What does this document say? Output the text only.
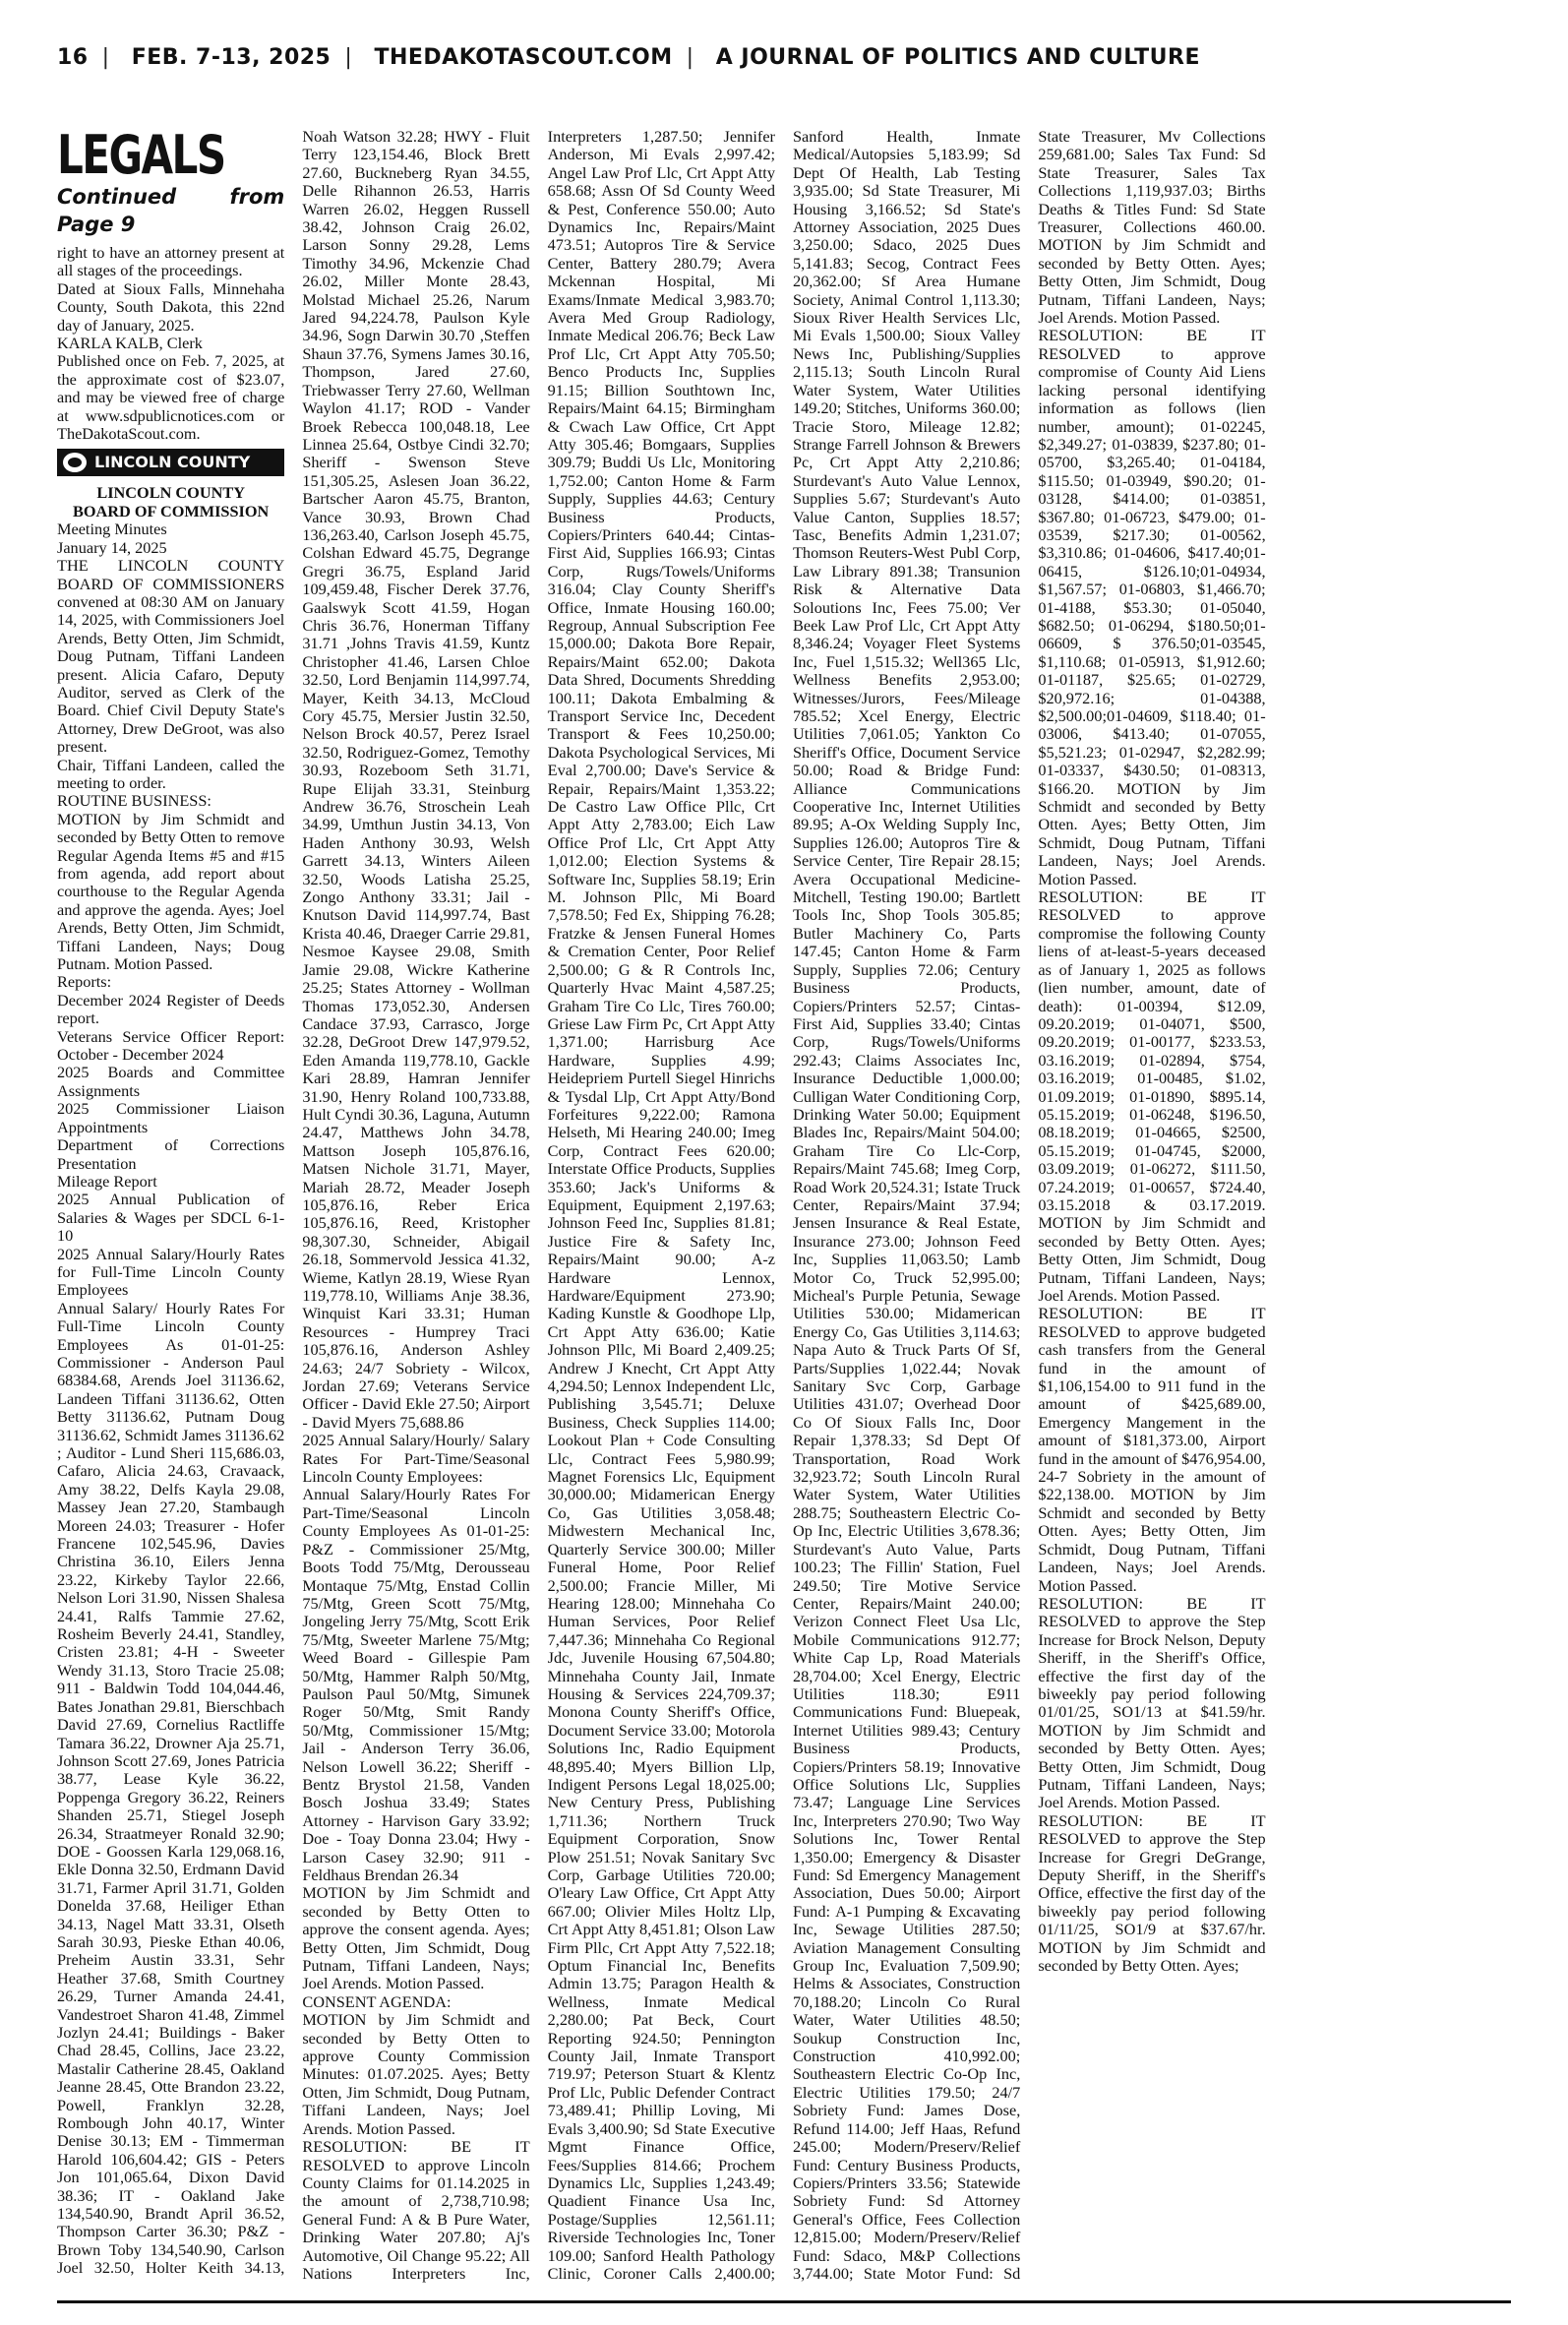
16 | FEB. 7-13, 2025 | THEDAKOTASCOUT.COM | A JOURNAL OF POLITICS AND CULTURE
LEGALS
Continued from Page 9

right to have an attorney present at all stages of the proceedings.

Dated at Sioux Falls, Minnehaha County, South Dakota, this 22nd day of January, 2025.

KARLA KALB, Clerk

Published once on Feb. 7, 2025, at the approximate cost of $23.07, and may be viewed free of charge at www.sdpublicnotices.com or TheDakotaScout.com.

LINCOLN COUNTY

LINCOLN COUNTY

BOARD OF COMMISSION

Meeting Minutes

January 14, 2025

THE LINCOLN COUNTY BOARD OF COMMISSIONERS convened at 08:30 AM on January 14, 2025, with Commissioners Joel Arends, Betty Otten, Jim Schmidt, Doug Putnam, Tiffani Landeen present. Alicia Cafaro, Deputy Auditor, served as Clerk of the Board. Chief Civil Deputy State's Attorney, Drew DeGroot, was also present.

Chair, Tiffani Landeen, called the meeting to order.

ROUTINE BUSINESS:

MOTION by Jim Schmidt and seconded by Betty Otten to remove Regular Agenda Items #5 and #15 from agenda, add report about courthouse to the Regular Agenda and approve the agenda. Ayes; Joel Arends, Betty Otten, Jim Schmidt, Tiffani Landeen, Nays; Doug Putnam. Motion Passed.

Reports:

December 2024 Register of Deeds report.

Veterans Service Officer Report: October - December 2024

2025 Boards and Committee Assignments

2025 Commissioner Liaison Appointments

Department of Corrections Presentation

Mileage Report

2025 Annual Publication of Salaries & Wages per SDCL 6-1-10

2025 Annual Salary/Hourly Rates for Full-Time Lincoln County Employees

Annual Salary/ Hourly Rates For Full-Time Lincoln County Employees As 01-01-25: Commissioner - Anderson Paul 68384.68, Arends Joel 31136.62, Landeen Tiffani 31136.62, Otten Betty 31136.62, Putnam Doug 31136.62, Schmidt James 31136.62 ; Auditor - Lund Sheri 115,686.03, Cafaro, Alicia 24.63, Cravaack, Amy 38.22, Delfs Kayla 29.08, Massey Jean 27.20, Stambaugh Moreen 24.03; Treasurer - Hofer Francene 102,545.96, Davies Christina 36.10, Eilers Jenna 23.22, Kirkeby Taylor 22.66, Nelson Lori 31.90, Nissen Shalesa 24.41, Ralfs Tammie 27.62, Rosheim Beverly 24.41, Standley, Cristen 23.81; 4-H - Sweeter Wendy 31.13, Storo Tracie 25.08; 911 - Baldwin Todd 104,044.46, Bates Jonathan 29.81, Bierschbach David 27.69, Cornelius Ractliffe Tamara 36.22, Drowner Aja 25.71, Johnson Scott 27.69, Jones Patricia 38.77, Lease Kyle 36.22, Poppenga Gregory 36.22, Reiners Shanden 25.71, Stiegel Joseph 26.34, Straatmeyer Ronald 32.90; DOE - Goossen Karla 129,068.16, Ekle Donna 32.50, Erdmann David 31.71, Farmer April 31.71, Golden Donelda 37.68, Heiliger Ethan 34.13, Nagel Matt 33.31, Olseth Sarah 30.93, Pieske Ethan 40.06, Preheim Austin 33.31, Sehr Heather 37.68, Smith Courtney 26.29, Turner Amanda 24.41, Vandestroet Sharon 41.48, Zimmel Jozlyn 24.41; Buildings - Baker Chad 28.45, Collins, Jace 23.22, Mastalir Catherine 28.45, Oakland Jeanne 28.45, Otte Brandon 23.22, Powell, Franklyn 32.28, Rombough John 40.17, Winter Denise 30.13; EM - Timmerman Harold 106,604.42; GIS - Peters Jon 101,065.64, Dixon David 38.36; IT - Oakland Jake 134,540.90, Brandt April 36.52, Thompson Carter 36.30; P&Z - Brown Toby 134,540.90, Carlson Joel 32.50, Holter Keith 34.13, Noah Watson 32.28; HWY - Fluit Terry 123,154.46, Block Brett 27.60, Buckneberg Ryan 34.55, Delle Rihannon 26.53, Harris Warren 26.02, Heggen Russell 38.42, Johnson Craig 26.02, Larson Sonny 29.28, Lems Timothy 34.96, Mckenzie Chad 26.02, Miller Monte 28.43, Molstad Michael 25.26, Narum Jared 94,224.78, Paulson Kyle 34.96, Sogn Darwin 30.70 ,Steffen Shaun 37.76, Symens James 30.16, Thompson, Jared 27.60, Triebwasser Terry 27.60, Wellman Waylon 41.17; ROD - Vander Broek Rebecca 100,048.18, Lee Linnea 25.64, Ostbye Cindi 32.70; Sheriff - Swenson Steve 151,305.25, Aslesen Joan 36.22, Bartscher Aaron 45.75, Branton, Vance 30.93, Brown Chad 136,263.40, Carlson Joseph 45.75, Colshan Edward 45.75, Degrange Gregri 36.75, Espland Jarid 109,459.48, Fischer Derek 37.76, Gaalswyk Scott 41.59, Hogan Chris 36.76, Honerman Tiffany 31.71 ,Johns Travis 41.59, Kuntz Christopher 41.46, Larsen Chloe 32.50, Lord Benjamin 114,997.74, Mayer, Keith 34.13, McCloud Cory 45.75, Mersier Justin 32.50, Nelson Brock 40.57, Perez Israel 32.50, Rodriguez-Gomez, Temothy 30.93, Rozeboom Seth 31.71, Rupe Elijah 33.31, Steinburg Andrew 36.76, Stroschein Leah 34.99, Umthun Justin 34.13, Von Haden Anthony 30.93, Welsh Garrett 34.13, Winters Aileen 32.50, Woods Latisha 25.25, Zongo Anthony 33.31; Jail - Knutson David 114,997.74, Bast Krista 40.46, Draeger Carrie 29.81, Nesmoe Kaysee 29.08, Smith Jamie 29.08, Wickre Katherine 25.25; States Attorney - Wollman Thomas 173,052.30, Andersen Candace 37.93, Carrasco, Jorge 32.28, DeGroot Drew 147,979.52, Eden Amanda 119,778.10, Gackle Kari 28.89, Hamran Jennifer 31.90, Henry Roland 100,733.88, Hult Cyndi 30.36, Laguna, Autumn 24.47, Matthews John 34.78, Mattson Joseph 105,876.16, Matsen Nichole 31.71, Mayer, Mariah 28.72, Meader Joseph 105,876.16, Reber Erica 105,876.16, Reed, Kristopher 98,307.30, Schneider, Abigail 26.18, Sommervold Jessica 41.32, Wieme, Katlyn 28.19, Wiese Ryan 119,778.10, Williams Anje 38.36, Winquist Kari 33.31; Human Resources - Humprey Traci 105,876.16, Anderson Ashley 24.63; 24/7 Sobriety - Wilcox, Jordan 27.69; Veterans Service Officer - David Ekle 27.50; Airport - David Myers 75,688.86

2025 Annual Salary/Hourly/ Salary Rates For Part-Time/Seasonal Lincoln County Employees:

Annual Salary/Hourly Rates For Part-Time/Seasonal Lincoln County Employees As 01-01-25: P&Z - Commissioner 25/Mtg, Boots Todd 75/Mtg, Derousseau Montaque 75/Mtg, Enstad Collin 75/Mtg, Green Scott 75/Mtg, Jongeling Jerry 75/Mtg, Scott Erik 75/Mtg, Sweeter Marlene 75/Mtg; Weed Board - Gillespie Pam 50/Mtg, Hammer Ralph 50/Mtg, Paulson Paul 50/Mtg, Simunek Roger 50/Mtg, Smit Randy 50/Mtg, Commissioner 15/Mtg; Jail - Anderson Terry 36.06, Nelson Lowell 36.22; Sheriff - Bentz Brystol 21.58, Vanden Bosch Joshua 33.49; States Attorney - Harvison Gary 33.92; Doe - Toay Donna 23.04; Hwy - Larson Casey 32.90; 911 - Feldhaus Brendan 26.34

MOTION by Jim Schmidt and seconded by Betty Otten to approve the consent agenda. Ayes; Betty Otten, Jim Schmidt, Doug Putnam, Tiffani Landeen, Nays; Joel Arends. Motion Passed.

CONSENT AGENDA:

MOTION by Jim Schmidt and seconded by Betty Otten to approve County Commission Minutes: 01.07.2025. Ayes; Betty Otten, Jim Schmidt, Doug Putnam, Tiffani Landeen, Nays; Joel Arends. Motion Passed.

RESOLUTION: BE IT RESOLVED to approve Lincoln County Claims for 01.14.2025 in the amount of 2,738,710.98; General Fund: A & B Pure Water, Drinking Water 207.80; Aj's Automotive, Oil Change 95.22; All Nations Interpreters Inc, Interpreters 1,287.50; Jennifer Anderson, Mi Evals 2,997.42; Angel Law Prof Llc, Crt Appt Atty 658.68; Assn Of Sd County Weed & Pest, Conference 550.00; Auto Dynamics Inc, Repairs/Maint 473.51; Autopros Tire & Service Center, Battery 280.79; Avera Mckennan Hospital, Mi Exams/Inmate Medical 3,983.70; Avera Med Group Radiology, Inmate Medical 206.76; Beck Law Prof Llc, Crt Appt Atty 705.50; Benco Products Inc, Supplies 91.15; Billion Southtown Inc, Repairs/Maint 64.15; Birmingham & Cwach Law Office, Crt Appt Atty 305.46; Bomgaars, Supplies 309.79; Buddi Us Llc, Monitoring 1,752.00; Canton Home & Farm Supply, Supplies 44.63; Century Business Products, Copiers/Printers 640.44; Cintas-First Aid, Supplies 166.93; Cintas Corp, Rugs/Towels/Uniforms 316.04; Clay County Sheriff's Office, Inmate Housing 160.00; Regroup, Annual Subscription Fee 15,000.00; Dakota Bore Repair, Repairs/Maint 652.00; Dakota Data Shred, Documents Shredding 100.11; Dakota Embalming & Transport Service Inc, Decedent Transport & Fees 10,250.00; Dakota Psychological Services, Mi Eval 2,700.00; Dave's Service & Repair, Repairs/Maint 1,353.22; De Castro Law Office Pllc, Crt Appt Atty 2,783.00; Eich Law Office Prof Llc, Crt Appt Atty 1,012.00; Election Systems & Software Inc, Supplies 58.19; Erin M. Johnson Pllc, Mi Board 7,578.50; Fed Ex, Shipping 76.28; Fratzke & Jensen Funeral Homes & Cremation Center, Poor Relief 2,500.00; G & R Controls Inc, Quarterly Hvac Maint 4,587.25; Graham Tire Co Llc, Tires 760.00; Griese Law Firm Pc, Crt Appt Atty 1,371.00; Harrisburg Ace Hardware, Supplies 4.99; Heidepriem Purtell Siegel Hinrichs & Tysdal Llp, Crt Appt Atty/Bond Forfeitures 9,222.00; Ramona Helseth, Mi Hearing 240.00; Imeg Corp, Contract Fees 620.00; Interstate Office Products, Supplies 353.60; Jack's Uniforms & Equipment, Equipment 2,197.63; Johnson Feed Inc, Supplies 81.81; Justice Fire & Safety Inc, Repairs/Maint 90.00; A-z Hardware Lennox, Hardware/Equipment 273.90; Kading Kunstle & Goodhope Llp, Crt Appt Atty 636.00; Katie Johnson Pllc, Mi Board 2,409.25; Andrew J Knecht, Crt Appt Atty 4,294.50; Lennox Independent Llc, Publishing 3,545.71; Deluxe Business, Check Supplies 114.00; Lookout Plan + Code Consulting Llc, Contract Fees 5,980.99; Magnet Forensics Llc, Equipment 30,000.00; Midamerican Energy Co, Gas Utilities 3,058.48; Midwestern Mechanical Inc, Quarterly Service 300.00; Miller Funeral Home, Poor Relief 2,500.00; Francie Miller, Mi Hearing 128.00; Minnehaha Co Human Services, Poor Relief 7,447.36; Minnehaha Co Regional Jdc, Juvenile Housing 67,504.80; Minnehaha County Jail, Inmate Housing & Services 224,709.37; Monona County Sheriff's Office, Document Service 33.00; Motorola Solutions Inc, Radio Equipment 48,895.40; Myers Billion Llp, Indigent Persons Legal 18,025.00; New Century Press, Publishing 1,711.36; Northern Truck Equipment Corporation, Snow Plow 251.51; Novak Sanitary Svc Corp, Garbage Utilities 720.00; O'leary Law Office, Crt Appt Atty 667.00; Olivier Miles Holtz Llp, Crt Appt Atty 8,451.81; Olson Law Firm Pllc, Crt Appt Atty 7,522.18; Optum Financial Inc, Benefits Admin 13.75; Paragon Health & Wellness, Inmate Medical 2,280.00; Pat Beck, Court Reporting 924.50; Pennington County Jail, Inmate Transport 719.97; Peterson Stuart & Klentz Prof Llc, Public Defender Contract 73,489.41; Phillip Loving, Mi Evals 3,400.90; Sd State Executive Mgmt Finance Office, Fees/Supplies 814.66; Prochem Dynamics Llc, Supplies 1,243.49; Quadient Finance Usa Inc, Postage/Supplies 12,561.11; Riverside Technologies Inc, Toner 109.00; Sanford Health Pathology Clinic, Coroner Calls 2,400.00; Sanford Health, Inmate Medical/Autopsies 5,183.99; Sd Dept Of Health, Lab Testing 3,935.00; Sd State Treasurer, Mi Housing 3,166.52; Sd State's Attorney Association, 2025 Dues 3,250.00; Sdaco, 2025 Dues 5,141.83; Secog, Contract Fees 20,362.00; Sf Area Humane Society, Animal Control 1,113.30; Sioux River Health Services Llc, Mi Evals 1,500.00; Sioux Valley News Inc, Publishing/Supplies 2,115.13; South Lincoln Rural Water System, Water Utilities 149.20; Stitches, Uniforms 360.00; Tracie Storo, Mileage 12.82; Strange Farrell Johnson & Brewers Pc, Crt Appt Atty 2,210.86; Sturdevant's Auto Value Lennox, Supplies 5.67; Sturdevant's Auto Value Canton, Supplies 18.57; Tasc, Benefits Admin 1,231.07; Thomson Reuters-West Publ Corp, Law Library 891.38; Transunion Risk & Alternative Data Soloutions Inc, Fees 75.00; Ver Beek Law Prof Llc, Crt Appt Atty 8,346.24; Voyager Fleet Systems Inc, Fuel 1,515.32; Well365 Llc, Wellness Benefits 2,953.00; Witnesses/Jurors, Fees/Mileage 785.52; Xcel Energy, Electric Utilities 7,061.05; Yankton Co Sheriff's Office, Document Service 50.00; Road & Bridge Fund: Alliance Communications Cooperative Inc, Internet Utilities 89.95; A-Ox Welding Supply Inc, Supplies 126.00; Autopros Tire & Service Center, Tire Repair 28.15; Avera Occupational Medicine-Mitchell, Testing 190.00; Bartlett Tools Inc, Shop Tools 305.85; Butler Machinery Co, Parts 147.45; Canton Home & Farm Supply, Supplies 72.06; Century Business Products, Copiers/Printers 52.57; Cintas-First Aid, Supplies 33.40; Cintas Corp, Rugs/Towels/Uniforms 292.43; Claims Associates Inc, Insurance Deductible 1,000.00; Culligan Water Conditioning Corp, Drinking Water 50.00; Equipment Blades Inc, Repairs/Maint 504.00; Graham Tire Co Llc-Corp, Repairs/Maint 745.68; Imeg Corp, Road Work 20,524.31; Istate Truck Center, Repairs/Maint 37.94; Jensen Insurance & Real Estate, Insurance 273.00; Johnson Feed Inc, Supplies 11,063.50; Lamb Motor Co, Truck 52,995.00; Micheal's Purple Petunia, Sewage Utilities 530.00; Midamerican Energy Co, Gas Utilities 3,114.63; Napa Auto & Truck Parts Of Sf, Parts/Supplies 1,022.44; Novak Sanitary Svc Corp, Garbage Utilities 431.07; Overhead Door Co Of Sioux Falls Inc, Door Repair 1,378.33; Sd Dept Of Transportation, Road Work 32,923.72; South Lincoln Rural Water System, Water Utilities 288.75; Southeastern Electric Co-Op Inc, Electric Utilities 3,678.36; Sturdevant's Auto Value, Parts 100.23; The Fillin' Station, Fuel 249.50; Tire Motive Service Center, Repairs/Maint 240.00; Verizon Connect Fleet Usa Llc, Mobile Communications 912.77; White Cap Lp, Road Materials 28,704.00; Xcel Energy, Electric Utilities 118.30; E911 Communications Fund: Bluepeak, Internet Utilities 989.43; Century Business Products, Copiers/Printers 58.19; Innovative Office Solutions Llc, Supplies 73.47; Language Line Services Inc, Interpreters 270.90; Two Way Solutions Inc, Tower Rental 1,350.00; Emergency & Disaster Fund: Sd Emergency Management Association, Dues 50.00; Airport Fund: A-1 Pumping & Excavating Inc, Sewage Utilities 287.50; Aviation Management Consulting Group Inc, Evaluation 7,509.90; Helms & Associates, Construction 70,188.20; Lincoln Co Rural Water, Water Utilities 48.50; Soukup Construction Inc, Construction 410,992.00; Southeastern Electric Co-Op Inc, Electric Utilities 179.50; 24/7 Sobriety Fund: James Dose, Refund 114.00; Jeff Haas, Refund 245.00; Modern/Preserv/Relief Fund: Century Business Products, Copiers/Printers 33.56; Statewide Sobriety Fund: Sd Attorney General's Office, Fees Collection 12,815.00; Modern/Preserv/Relief Fund: Sdaco, M&P Collections 3,744.00; State Motor Fund: Sd State Treasurer, Mv Collections 259,681.00; Sales Tax Fund: Sd State Treasurer, Sales Tax Collections 1,119,937.03; Births Deaths & Titles Fund: Sd State Treasurer, Collections 460.00. MOTION by Jim Schmidt and seconded by Betty Otten. Ayes; Betty Otten, Jim Schmidt, Doug Putnam, Tiffani Landeen, Nays; Joel Arends. Motion Passed.

RESOLUTION: BE IT RESOLVED to approve compromise of County Aid Liens lacking personal identifying information as follows (lien number, amount); 01-02245, $2,349.27; 01-03839, $237.80; 01-05700, $3,265.40; 01-04184, $115.50; 01-03949, $90.20; 01-03128, $414.00; 01-03851, $367.80; 01-06723, $479.00; 01-03539, $217.30; 01-00562, $3,310.86; 01-04606, $417.40;01-06415, $126.10;01-04934, $1,567.57; 01-06803, $1,466.70; 01-4188, $53.30; 01-05040, $682.50; 01-06294, $180.50;01-06609, $ 376.50;01-03545, $1,110.68; 01-05913, $1,912.60; 01-01187, $25.65; 01-02729, $20,972.16; 01-04388, $2,500.00;01-04609, $118.40; 01-03006, $413.40; 01-07055, $5,521.23; 01-02947, $2,282.99; 01-03337, $430.50; 01-08313, $166.20. MOTION by Jim Schmidt and seconded by Betty Otten. Ayes; Betty Otten, Jim Schmidt, Doug Putnam, Tiffani Landeen, Nays; Joel Arends. Motion Passed.

RESOLUTION: BE IT RESOLVED to approve compromise the following County liens of at-least-5-years deceased as of January 1, 2025 as follows (lien number, amount, date of death): 01-00394, $12.09, 09.20.2019; 01-04071, $500, 09.20.2019; 01-00177, $233.53, 03.16.2019; 01-02894, $754, 03.16.2019; 01-00485, $1.02, 01.09.2019; 01-01890, $895.14, 05.15.2019; 01-06248, $196.50, 08.18.2019; 01-04665, $2500, 05.15.2019; 01-04745, $2000, 03.09.2019; 01-06272, $111.50, 07.24.2019; 01-00657, $724.40, 03.15.2018 & 03.17.2019. MOTION by Jim Schmidt and seconded by Betty Otten. Ayes; Betty Otten, Jim Schmidt, Doug Putnam, Tiffani Landeen, Nays; Joel Arends. Motion Passed.

RESOLUTION: BE IT RESOLVED to approve budgeted cash transfers from the General fund in the amount of $1,106,154.00 to 911 fund in the amount of $425,689.00, Emergency Mangement in the amount of $181,373.00, Airport fund in the amount of $476,954.00, 24-7 Sobriety in the amount of $22,138.00. MOTION by Jim Schmidt and seconded by Betty Otten. Ayes; Betty Otten, Jim Schmidt, Doug Putnam, Tiffani Landeen, Nays; Joel Arends. Motion Passed.

RESOLUTION: BE IT RESOLVED to approve the Step Increase for Brock Nelson, Deputy Sheriff, in the Sheriff's Office, effective the first day of the biweekly pay period following 01/01/25, SO1/13 at $41.59/hr. MOTION by Jim Schmidt and seconded by Betty Otten. Ayes; Betty Otten, Jim Schmidt, Doug Putnam, Tiffani Landeen, Nays; Joel Arends. Motion Passed.

RESOLUTION: BE IT RESOLVED to approve the Step Increase for Gregri DeGrange, Deputy Sheriff, in the Sheriff's Office, effective the first day of the biweekly pay period following 01/11/25, SO1/9 at $37.67/hr. MOTION by Jim Schmidt and seconded by Betty Otten. Ayes;
